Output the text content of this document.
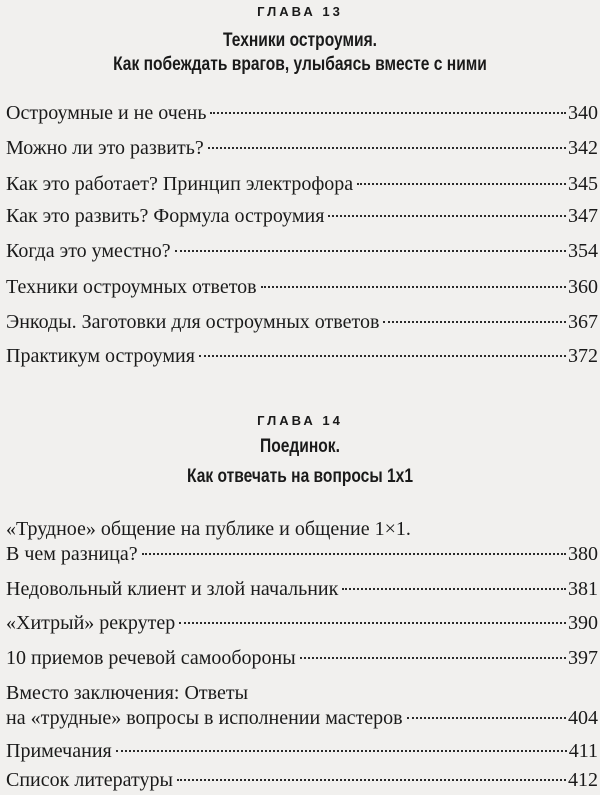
ГЛАВА 13
Техники остроумия.
Как побеждать врагов, улыбаясь вместе с ними
Остроумные и не очень	340
Можно ли это развить?	342
Как это работает? Принцип электрофора	345
Как это развить? Формула остроумия	347
Когда это уместно?	354
Техники остроумных ответов	360
Энкоды. Заготовки для остроумных ответов	367
Практикум остроумия	372
ГЛАВА 14
Поединок.
Как отвечать на вопросы 1х1
«Трудное» общение на публике и общение 1×1.
В чем разница?	380
Недовольный клиент и злой начальник	381
«Хитрый» рекрутер	390
10 приемов речевой самообороны	397
Вместо заключения: Ответы
на «трудные» вопросы в исполнении мастеров	404
Примечания	411
Список литературы	412
